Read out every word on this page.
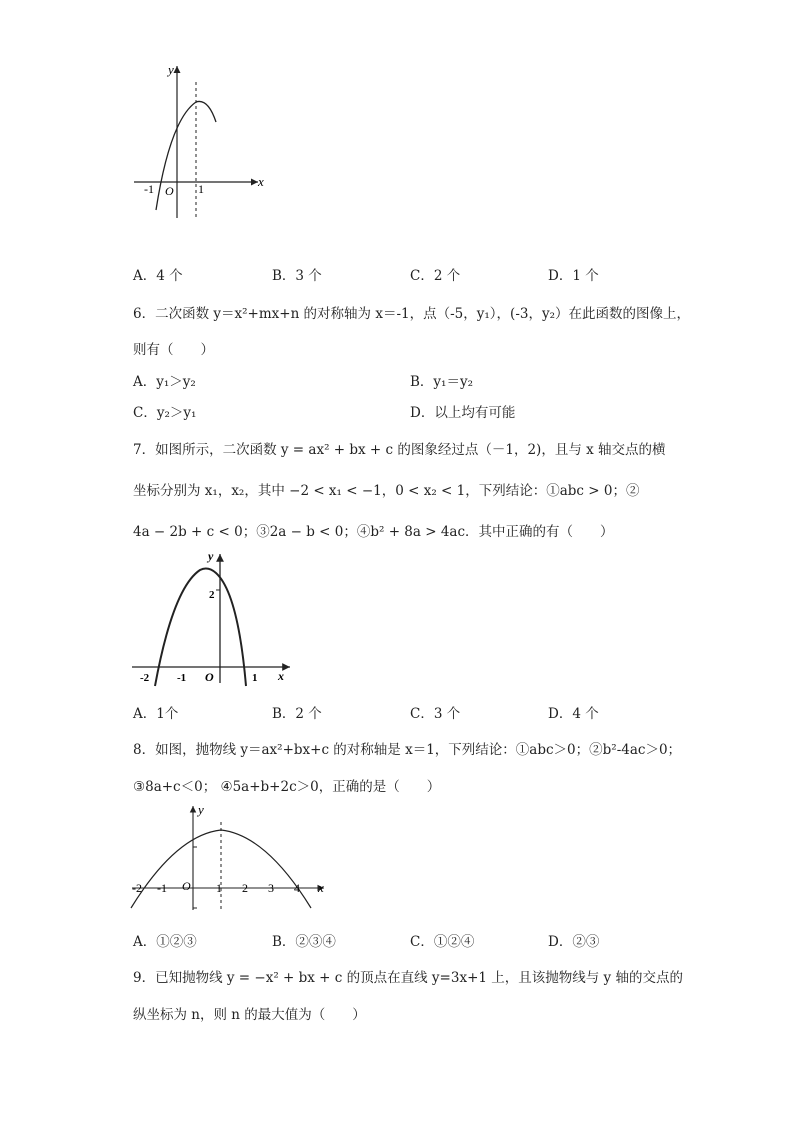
y
x
O
-1	1
A．4 个	B．3 个	C．2 个	D．1 个
6．二次函数 y＝x²+mx+n 的对称轴为 x＝-1，点（-5，y₁），(-3，y₂）在此函数的图像上，
则有（　　）
A．y₁＞y₂	B．y₁＝y₂
C．y₂＞y₁	D．以上均有可能
7．如图所示，二次函数 y = ax² + bx + c 的图象经过点（－1，2)，且与 x 轴交点的横
坐标分别为 x₁，x₂，其中 −2 < x₁ < −1，0 < x₂ < 1，下列结论：①abc > 0；②
4a − 2b + c < 0；③2a − b < 0；④b² + 8a > 4ac．其中正确的有（　　）
y
x
O
2
-2	-1	1
A．1个	B．2 个	C．3 个	D．4 个
8．如图，抛物线 y＝ax²+bx+c 的对称轴是 x＝1，下列结论：①abc＞0；②b²-4ac＞0；
③8a+c＜0； ④5a+b+2c＞0，正确的是（　　）
y
x
O
-2 -1	1 2 3 4
A．①②③	B．②③④	C．①②④	D．②③
9．已知抛物线 y = −x² + bx + c 的顶点在直线 y=3x+1 上，且该抛物线与 y 轴的交点的
纵坐标为 n，则 n 的最大值为（　　）
